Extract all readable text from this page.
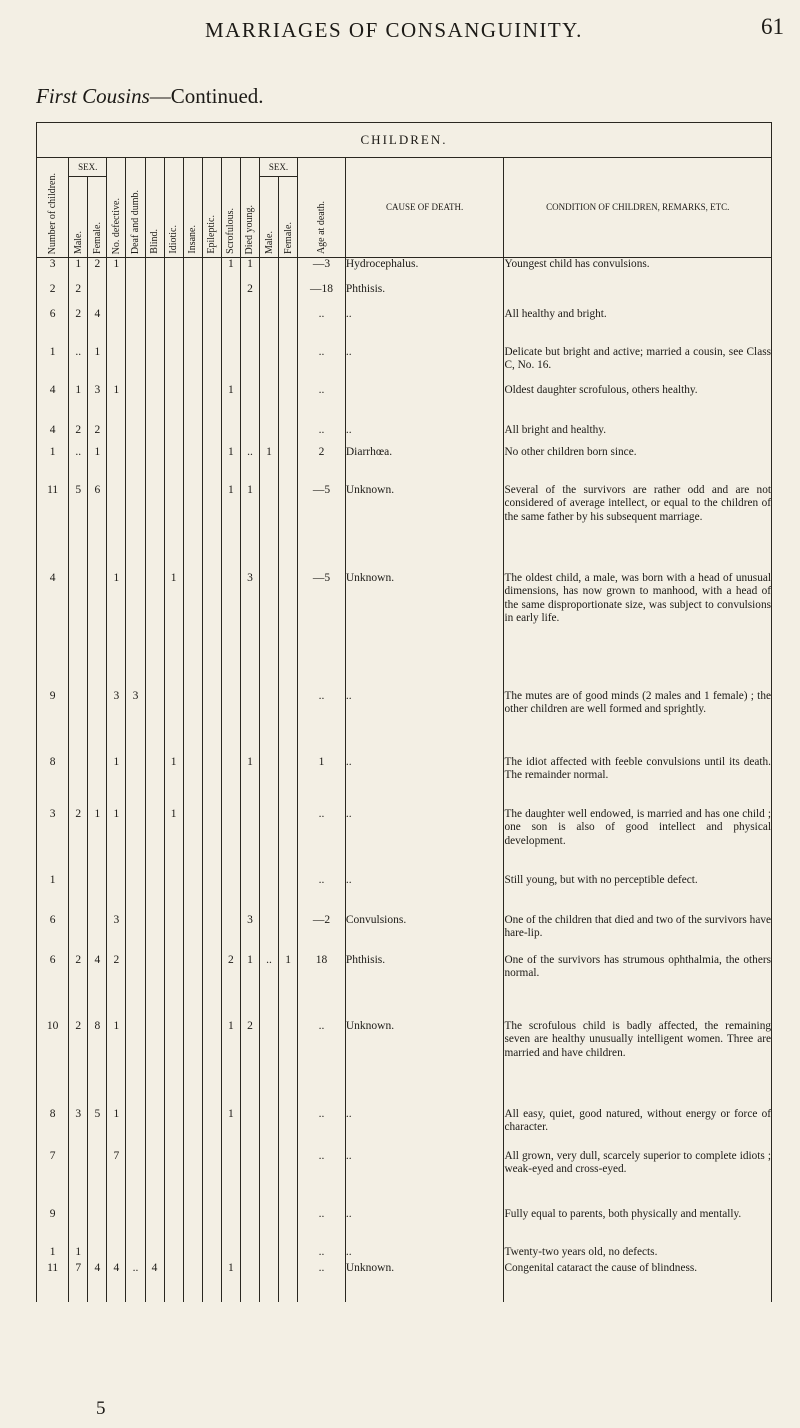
MARRIAGES OF CONSANGUINITY.	61
First Cousins—Continued.
CHILDREN.															
Number of children.	SEX.		No. defective.	Deaf and dumb.	Blind.	Idiotic.	Insane.	Epileptic.	Scrofulous.	Died young.	SEX.		Age at death.	CAUSE OF DEATH.	CONDITION OF CHILDREN, REMARKS, ETC.
	Male.	Female.									Male.	Female.			
3	1	2	1						1	1			—3	Hydrocephalus.	Youngest child has convulsions.
2	2									2			—18	Phthisis.	
6	2	4											..	..	All healthy and bright.
1	..	1											..	..	Delicate but bright and active; married a cousin, see Class C, No. 16.
4	1	3	1						1				..		Oldest daughter scrofulous, others healthy.
4	2	2											..	..	All bright and healthy.
1	..	1							1	..	1		2	Diarrhœa.	No other children born since.
11	5	6							1	1			—5	Unknown.	Several of the survivors are rather odd and are not considered of average intellect, or equal to the children of the same father by his subsequent marriage.
4			1			1				3			—5	Unknown.	The oldest child, a male, was born with a head of unusual dimensions, has now grown to manhood, with a head of the same disproportionate size, was subject to convulsions in early life.
9			3	3									..	..	The mutes are of good minds (2 males and 1 female) ; the other children are well formed and sprightly.
8			1			1				1			1	..	The idiot affected with feeble convulsions until its death. The remainder normal.
3	2	1	1			1							..	..	The daughter well endowed, is married and has one child ; one son is also of good intellect and physical development.
1													..	..	Still young, but with no perceptible defect.
6			3							3			—2	Convulsions.	One of the children that died and two of the survivors have hare-lip.
6	2	4	2						2	1	..	1	18	Phthisis.	One of the survivors has strumous ophthalmia, the others normal.
10	2	8	1						1	2			..	Unknown.	The scrofulous child is badly affected, the remaining seven are healthy unusually intelligent women. Three are married and have children.
8	3	5	1						1				..	..	All easy, quiet, good natured, without energy or force of character.
7			7										..	..	All grown, very dull, scarcely superior to complete idiots ; weak-eyed and cross-eyed.
9													..	..	Fully equal to parents, both physically and mentally.
1	1												..	..	Twenty-two years old, no defects.
11	7	4	4	..	4				1				..	Unknown.	Congenital cataract the cause of blindness.
5
